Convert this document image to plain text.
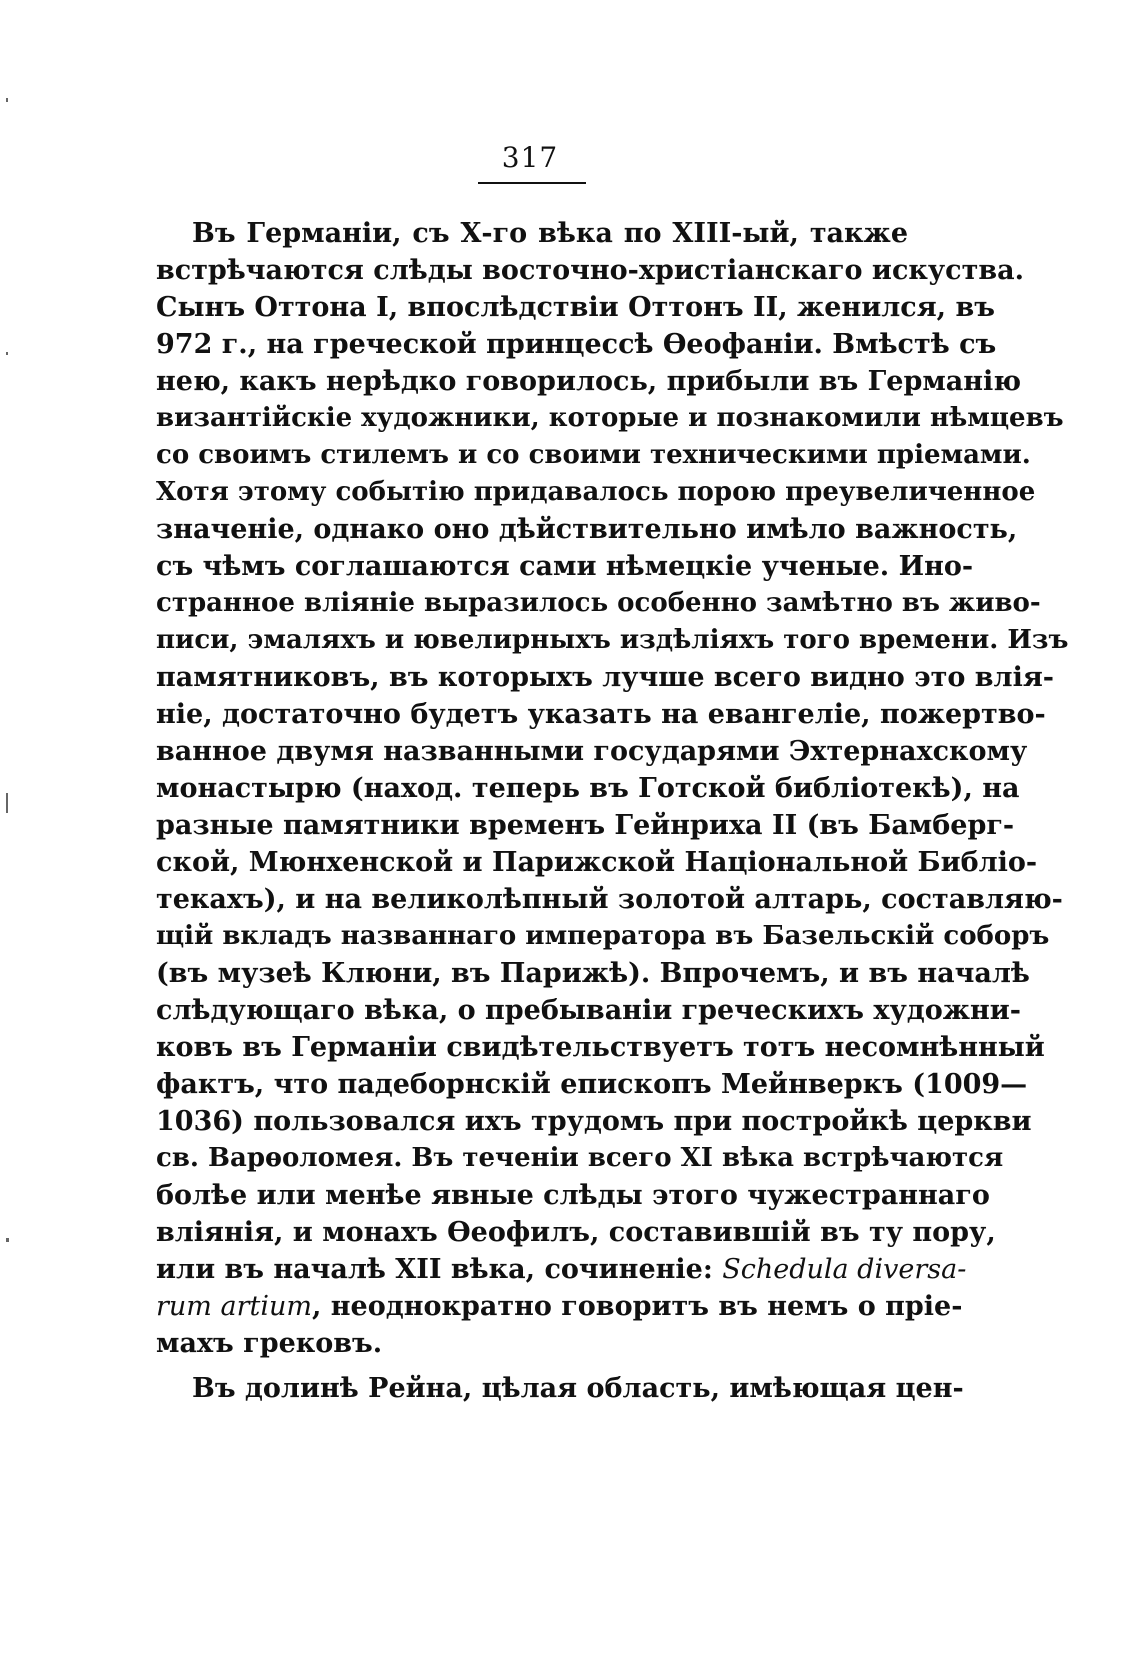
317
Въ Германіи, съ Х-го вѣка по XIII-ый, также
встрѣчаются слѣды восточно-христіанскаго искуства.
Сынъ Оттона I, впослѣдствіи Оттонъ II, женился, въ
972 г., на греческой принцессѣ Ѳеофаніи. Вмѣстѣ съ
нею, какъ нерѣдко говорилось, прибыли въ Германію
византійскіе художники, которые и познакомили нѣмцевъ
со своимъ стилемъ и со своими техническими пріемами.
Хотя этому событію придавалось порою преувеличенное
значеніе, однако оно дѣйствительно имѣло важность,
съ чѣмъ соглашаются сами нѣмецкіе ученые. Ино-
странное вліяніе выразилось особенно замѣтно въ живо-
писи, эмаляхъ и ювелирныхъ издѣліяхъ того времени. Изъ
памятниковъ, въ которыхъ лучше всего видно это влія-
ніе, достаточно будетъ указать на евангеліе, пожертво-
ванное двумя названными государями Эхтернахскому
монастырю (наход. теперь въ Готской библіотекѣ), на
разные памятники временъ Гейнриха II (въ Бамберг-
ской, Мюнхенской и Парижской Національной Библіо-
текахъ), и на великолѣпный золотой алтарь, составляю-
щій вкладъ названнаго императора въ Базельскій соборъ
(въ музеѣ Клюни, въ Парижѣ). Впрочемъ, и въ началѣ
слѣдующаго вѣка, о пребываніи греческихъ художни-
ковъ въ Германіи свидѣтельствуетъ тотъ несомнѣнный
фактъ, что падеборнскій епископъ Мейнверкъ (1009—
1036) пользовался ихъ трудомъ при постройкѣ церкви
св. Варѳоломея. Въ теченіи всего XI вѣка встрѣчаются
болѣе или менѣе явные слѣды этого чужестраннаго
вліянія, и монахъ Ѳеофилъ, составившій въ ту пору,
или въ началѣ XII вѣка, сочиненіе: Schedula diversa-
rum artium, неоднократно говоритъ въ немъ о пріе-
махъ грековъ.
Въ долинѣ Рейна, цѣлая область, имѣющая цен-
